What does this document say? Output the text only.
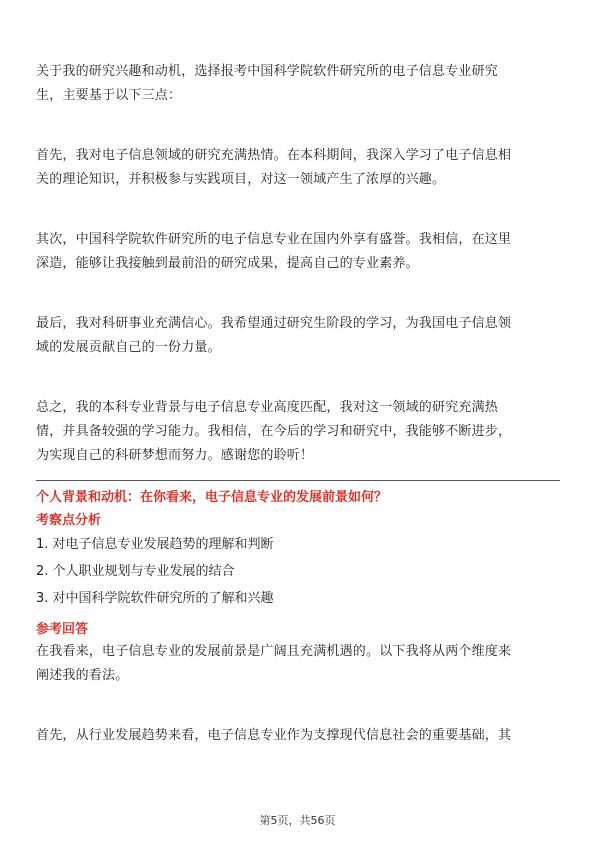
关于我的研究兴趣和动机，选择报考中国科学院软件研究所的电子信息专业研究

生，主要基于以下三点：

首先，我对电子信息领域的研究充满热情。在本科期间，我深入学习了电子信息相

关的理论知识，并积极参与实践项目，对这一领域产生了浓厚的兴趣。

其次，中国科学院软件研究所的电子信息专业在国内外享有盛誉。我相信，在这里

深造，能够让我接触到最前沿的研究成果，提高自己的专业素养。

最后，我对科研事业充满信心。我希望通过研究生阶段的学习，为我国电子信息领

域的发展贡献自己的一份力量。

总之，我的本科专业背景与电子信息专业高度匹配，我对这一领域的研究充满热

情，并具备较强的学习能力。我相信，在今后的学习和研究中，我能够不断进步，

为实现自己的科研梦想而努力。感谢您的聆听！

个人背景和动机：在你看来，电子信息专业的发展前景如何？

考察点分析

1. 对电子信息专业发展趋势的理解和判断

2. 个人职业规划与专业发展的结合

3. 对中国科学院软件研究所的了解和兴趣

参考回答

在我看来，电子信息专业的发展前景是广阔且充满机遇的。以下我将从两个维度来

阐述我的看法。

首先，从行业发展趋势来看，电子信息专业作为支撑现代信息社会的重要基础，其

第5页，共56页
